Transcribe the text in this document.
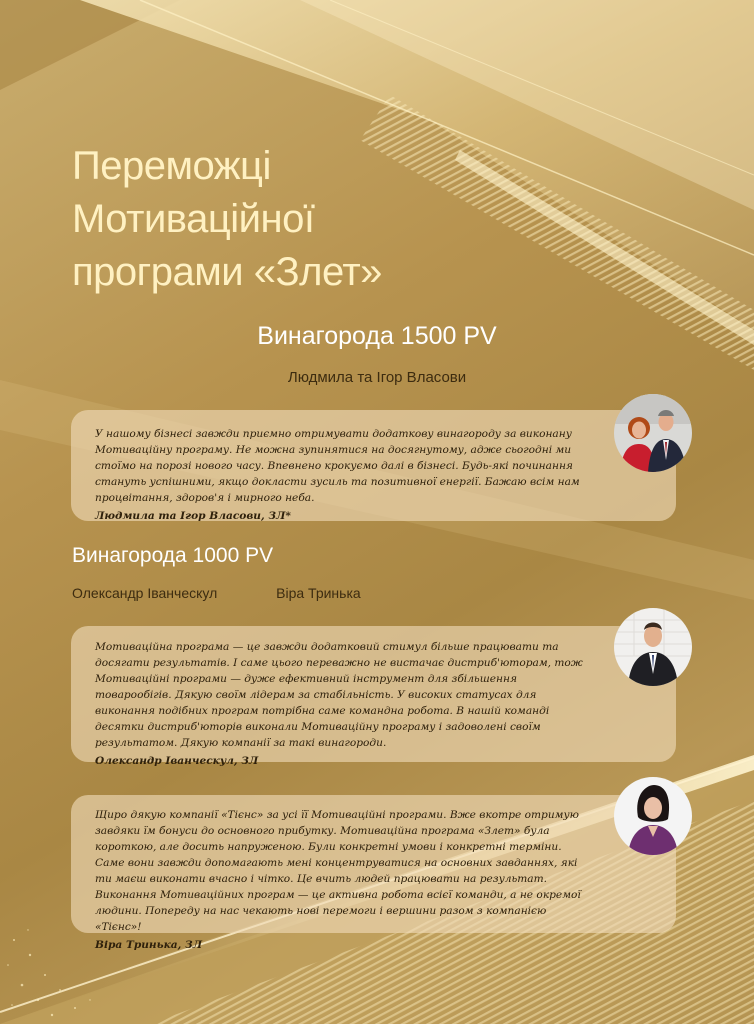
Переможці
Мотиваційної
програми «Злет»
Винагорода 1500 PV
Людмила та Ігор Власови

У нашому бізнесі завжди приємно отримувати додаткову винагороду за виконану Мотиваційну програму. Не можна зупинятися на досягнутому, адже сьогодні ми стоїмо на порозі нового часу. Впевнено крокуємо далі в бізнесі. Будь-які починання стануть успішними, якщо докласти зусиль та позитивної енергії. Бажаю всім нам процвітання, здоров'я і мирного неба.

Людмила та Ігор Власови, ЗЛ*
Винагорода 1000 PV
Олександр Іванческул	Віра Тринька

Мотиваційна програма — це завжди додатковий стимул більше працювати та досягати результатів. І саме цього переважно не вистачає дистриб'юторам, тож Мотиваційні програми — дуже ефективний інструмент для збільшення товарообігів. Дякую своїм лідерам за стабільність. У високих статусах для виконання подібних програм потрібна саме командна робота. В нашій команді десятки дистриб'юторів виконали Мотиваційну програму і задоволені своїм результатом. Дякую компанії за такі винагороди.

Олександр Іванческул, ЗЛ

Щиро дякую компанії «Тієнс» за усі її Мотиваційні програми. Вже вкотре отримую завдяки їм бонуси до основного прибутку. Мотиваційна програма «Злет» була короткою, але досить напруженою. Були конкретні умови і конкретні терміни. Саме вони завжди допомагають мені концентруватися на основних завданнях, які ти маєш виконати вчасно і чітко. Це вчить людей працювати на результат. Виконання Мотиваційних програм — це активна робота всієї команди, а не окремої людини. Попереду на нас чекають нові перемоги і вершини разом з компанією «Тієнс»!

Віра Тринька, ЗЛ
